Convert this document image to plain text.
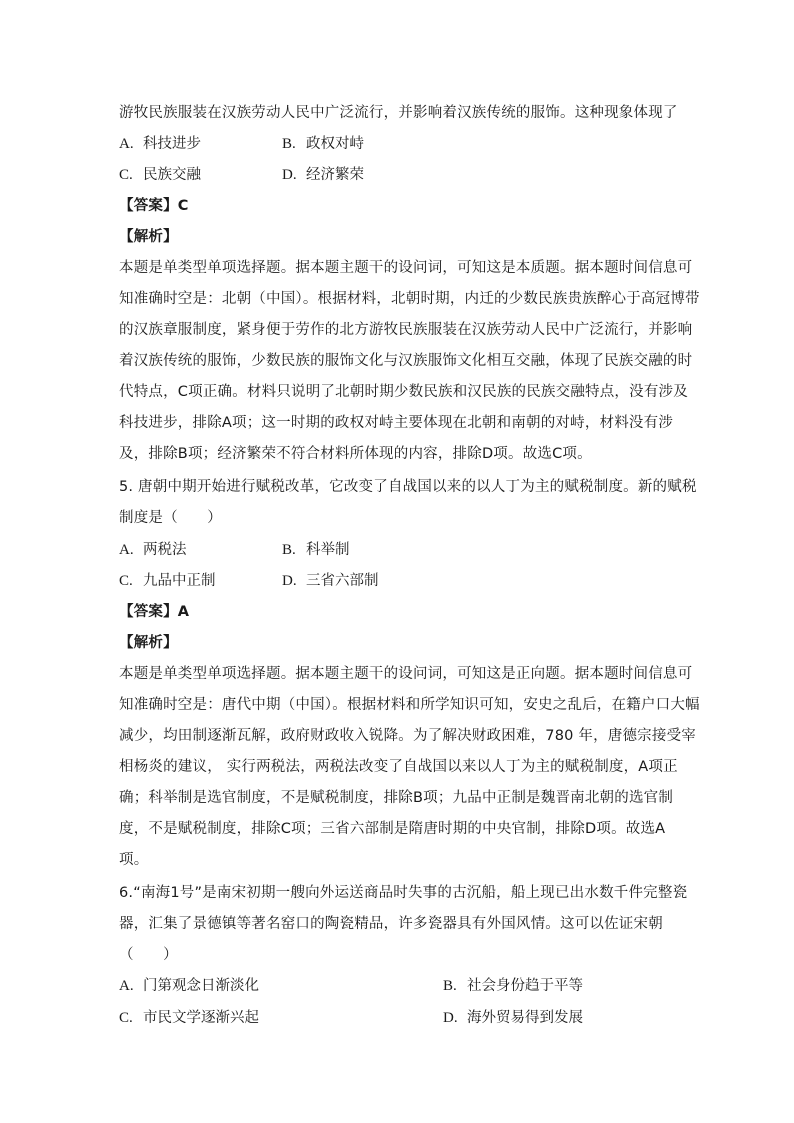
游牧民族服装在汉族劳动人民中广泛流行，并影响着汉族传统的服饰。这种现象体现了
A. 科技进步	B. 政权对峙
C. 民族交融	D. 经济繁荣
【答案】C
【解析】
本题是单类型单项选择题。据本题主题干的设问词，可知这是本质题。据本题时间信息可
知准确时空是：北朝（中国）。根据材料，北朝时期，内迁的少数民族贵族醉心于高冠博带
的汉族章服制度，紧身便于劳作的北方游牧民族服装在汉族劳动人民中广泛流行，并影响
着汉族传统的服饰，少数民族的服饰文化与汉族服饰文化相互交融，体现了民族交融的时
代特点，C项正确。材料只说明了北朝时期少数民族和汉民族的民族交融特点，没有涉及
科技进步，排除A项；这一时期的政权对峙主要体现在北朝和南朝的对峙，材料没有涉
及，排除B项；经济繁荣不符合材料所体现的内容，排除D项。故选C项。
5. 唐朝中期开始进行赋税改革，它改变了自战国以来的以人丁为主的赋税制度。新的赋税
制度是（　　）
A. 两税法	B. 科举制
C. 九品中正制	D. 三省六部制
【答案】A
【解析】
本题是单类型单项选择题。据本题主题干的设问词，可知这是正向题。据本题时间信息可
知准确时空是：唐代中期（中国）。根据材料和所学知识可知，安史之乱后，在籍户口大幅
减少，均田制逐渐瓦解，政府财政收入锐降。为了解决财政困难，780 年，唐德宗接受宰
相杨炎的建议， 实行两税法，两税法改变了自战国以来以人丁为主的赋税制度，A项正
确；科举制是选官制度，不是赋税制度，排除B项；九品中正制是魏晋南北朝的选官制
度，不是赋税制度，排除C项；三省六部制是隋唐时期的中央官制，排除D项。故选A
项。
6.“南海1号”是南宋初期一艘向外运送商品时失事的古沉船，船上现已出水数千件完整瓷
器，汇集了景德镇等著名窑口的陶瓷精品，许多瓷器具有外国风情。这可以佐证宋朝
（　　）
A. 门第观念日渐淡化	B. 社会身份趋于平等
C. 市民文学逐渐兴起	D. 海外贸易得到发展
